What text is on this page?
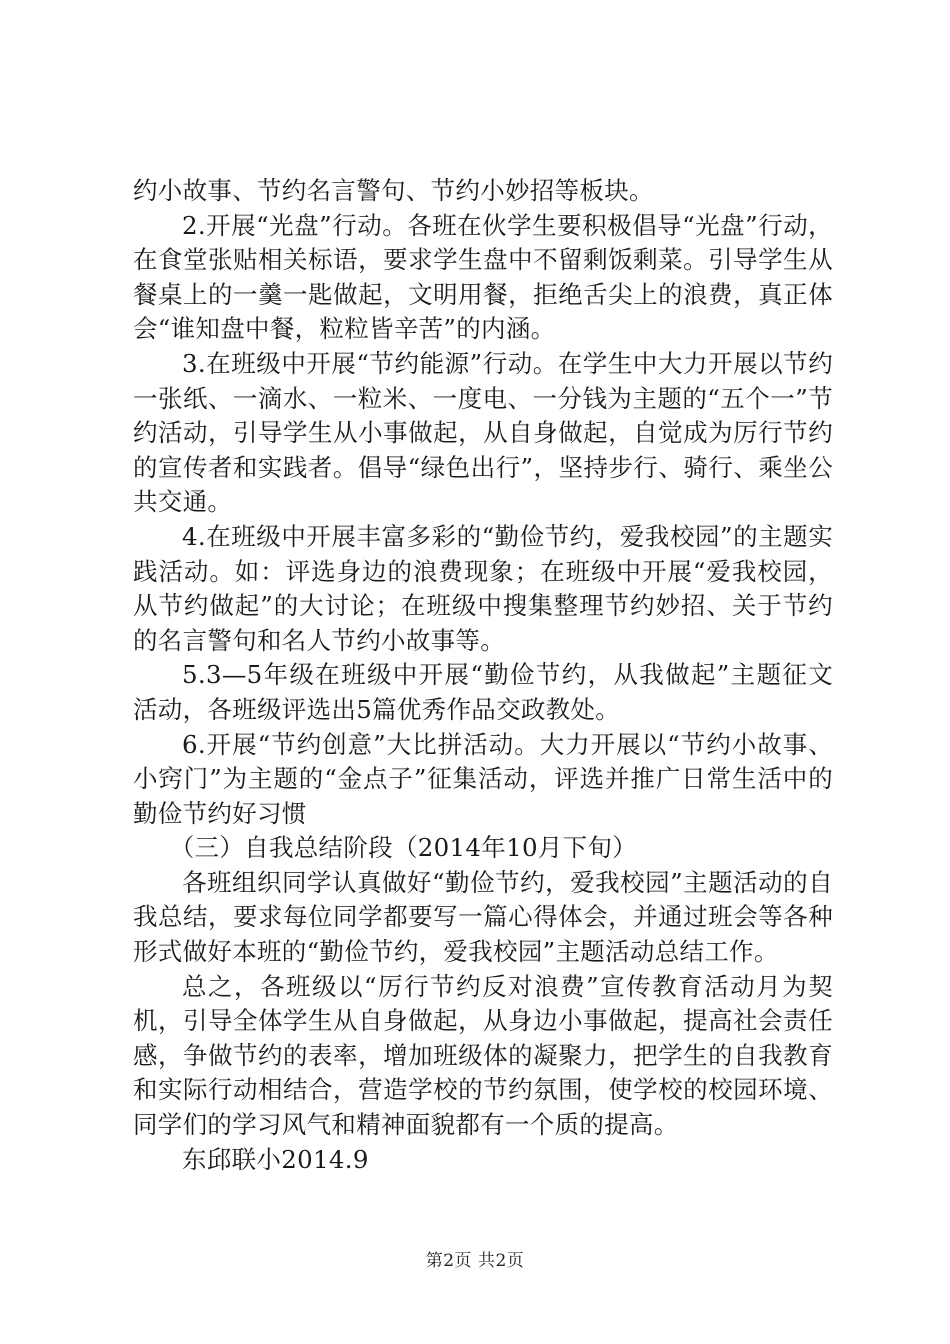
约小故事、节约名言警句、节约小妙招等板块。

2.开展“光盘”行动。各班在伙学生要积极倡导“光盘”行动，在食堂张贴相关标语，要求学生盘中不留剩饭剩菜。引导学生从餐桌上的一羹一匙做起，文明用餐，拒绝舌尖上的浪费，真正体会“谁知盘中餐，粒粒皆辛苦”的内涵。

3.在班级中开展“节约能源”行动。在学生中大力开展以节约一张纸、一滴水、一粒米、一度电、一分钱为主题的“五个一”节约活动，引导学生从小事做起，从自身做起，自觉成为厉行节约的宣传者和实践者。倡导“绿色出行”，坚持步行、骑行、乘坐公共交通。

4.在班级中开展丰富多彩的“勤俭节约，爱我校园”的主题实践活动。如：评选身边的浪费现象；在班级中开展“爱我校园，从节约做起”的大讨论；在班级中搜集整理节约妙招、关于节约的名言警句和名人节约小故事等。

5.3—5年级在班级中开展“勤俭节约，从我做起”主题征文活动，各班级评选出5篇优秀作品交政教处。

6.开展“节约创意”大比拼活动。大力开展以“节约小故事、小窍门”为主题的“金点子”征集活动，评选并推广日常生活中的勤俭节约好习惯

（三）自我总结阶段（2014年10月下旬）

各班组织同学认真做好“勤俭节约，爱我校园”主题活动的自我总结，要求每位同学都要写一篇心得体会，并通过班会等各种形式做好本班的“勤俭节约，爱我校园”主题活动总结工作。

总之，各班级以“厉行节约反对浪费”宣传教育活动月为契机，引导全体学生从自身做起，从身边小事做起，提高社会责任感，争做节约的表率，增加班级体的凝聚力，把学生的自我教育和实际行动相结合，营造学校的节约氛围，使学校的校园环境、同学们的学习风气和精神面貌都有一个质的提高。

东邱联小2014.9

第2页 共2页
